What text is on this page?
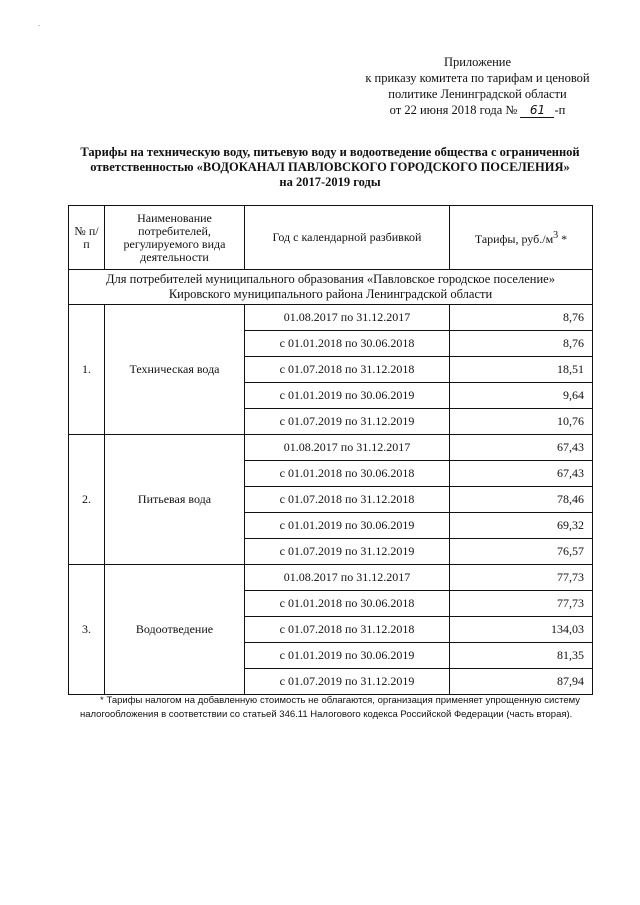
·
Приложение
к приказу комитета по тарифам и ценовой
политике Ленинградской области
от 22 июня 2018 года № 61 -п
Тарифы на техническую воду, питьевую воду и водоотведение общества с ограниченной
ответственностью «ВОДОКАНАЛ ПАВЛОВСКОГО ГОРОДСКОГО ПОСЕЛЕНИЯ»
на 2017-2019 годы
№ п/п	Наименование потребителей, регулируемого вида деятельности	Год с календарной разбивкой	Тарифы, $руб./м^3$ *

Для потребителей муниципального образования «Павловское городское поселение»
Кировского муниципального района Ленинградской области			

1.	Техническая вода	01.08.2017 по 31.12.2017	8,76
		с 01.01.2018 по 30.06.2018	8,76
		с 01.07.2018 по 31.12.2018	18,51
		с 01.01.2019 по 30.06.2019	9,64
		с 01.07.2019 по 31.12.2019	10,76
2.	Питьевая вода	01.08.2017 по 31.12.2017	67,43
		с 01.01.2018 по 30.06.2018	67,43
		с 01.07.2018 по 31.12.2018	78,46
		с 01.01.2019 по 30.06.2019	69,32
		с 01.07.2019 по 31.12.2019	76,57
3.	Водоотведение	01.08.2017 по 31.12.2017	77,73
		с 01.01.2018 по 30.06.2018	77,73
		с 01.07.2018 по 31.12.2018	134,03
		с 01.01.2019 по 30.06.2019	81,35
		с 01.07.2019 по 31.12.2019	87,94
* Тарифы налогом на добавленную стоимость не облагаются, организация применяет упрощенную систему налогообложения в соответствии со статьей 346.11 Налогового кодекса Российской Федерации (часть вторая).
